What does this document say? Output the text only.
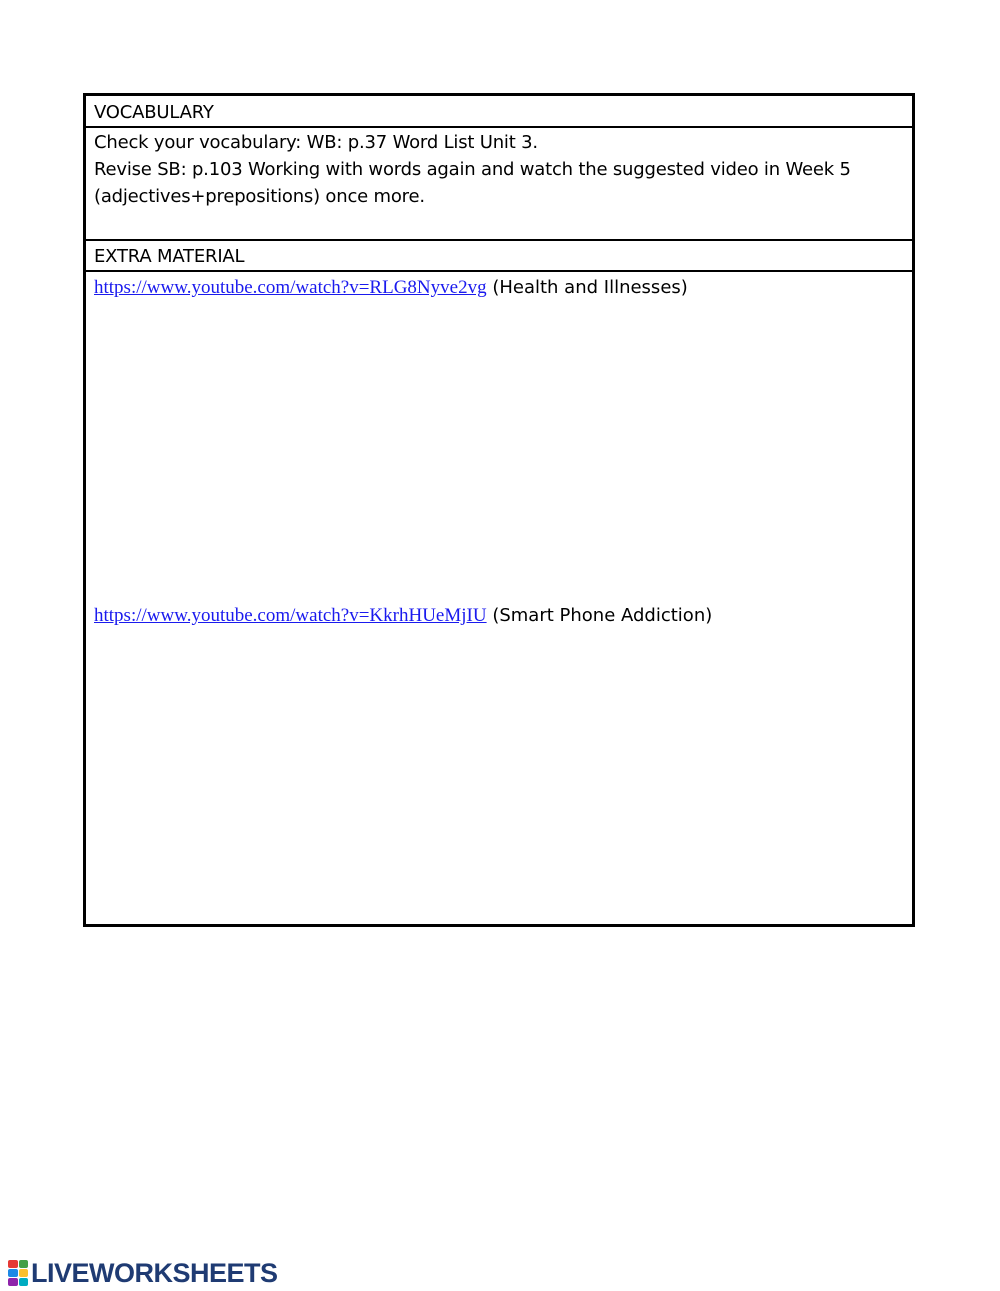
VOCABULARY
Check your vocabulary: WB: p.37 Word List Unit 3.
Revise SB: p.103 Working with words again and watch the suggested video in Week 5
(adjectives+prepositions) once more.
EXTRA MATERIAL
https://www.youtube.com/watch?v=RLG8Nyve2vg (Health and Illnesses)
https://www.youtube.com/watch?v=KkrhHUeMjIU (Smart Phone Addiction)
LIVEWORKSHEETS
